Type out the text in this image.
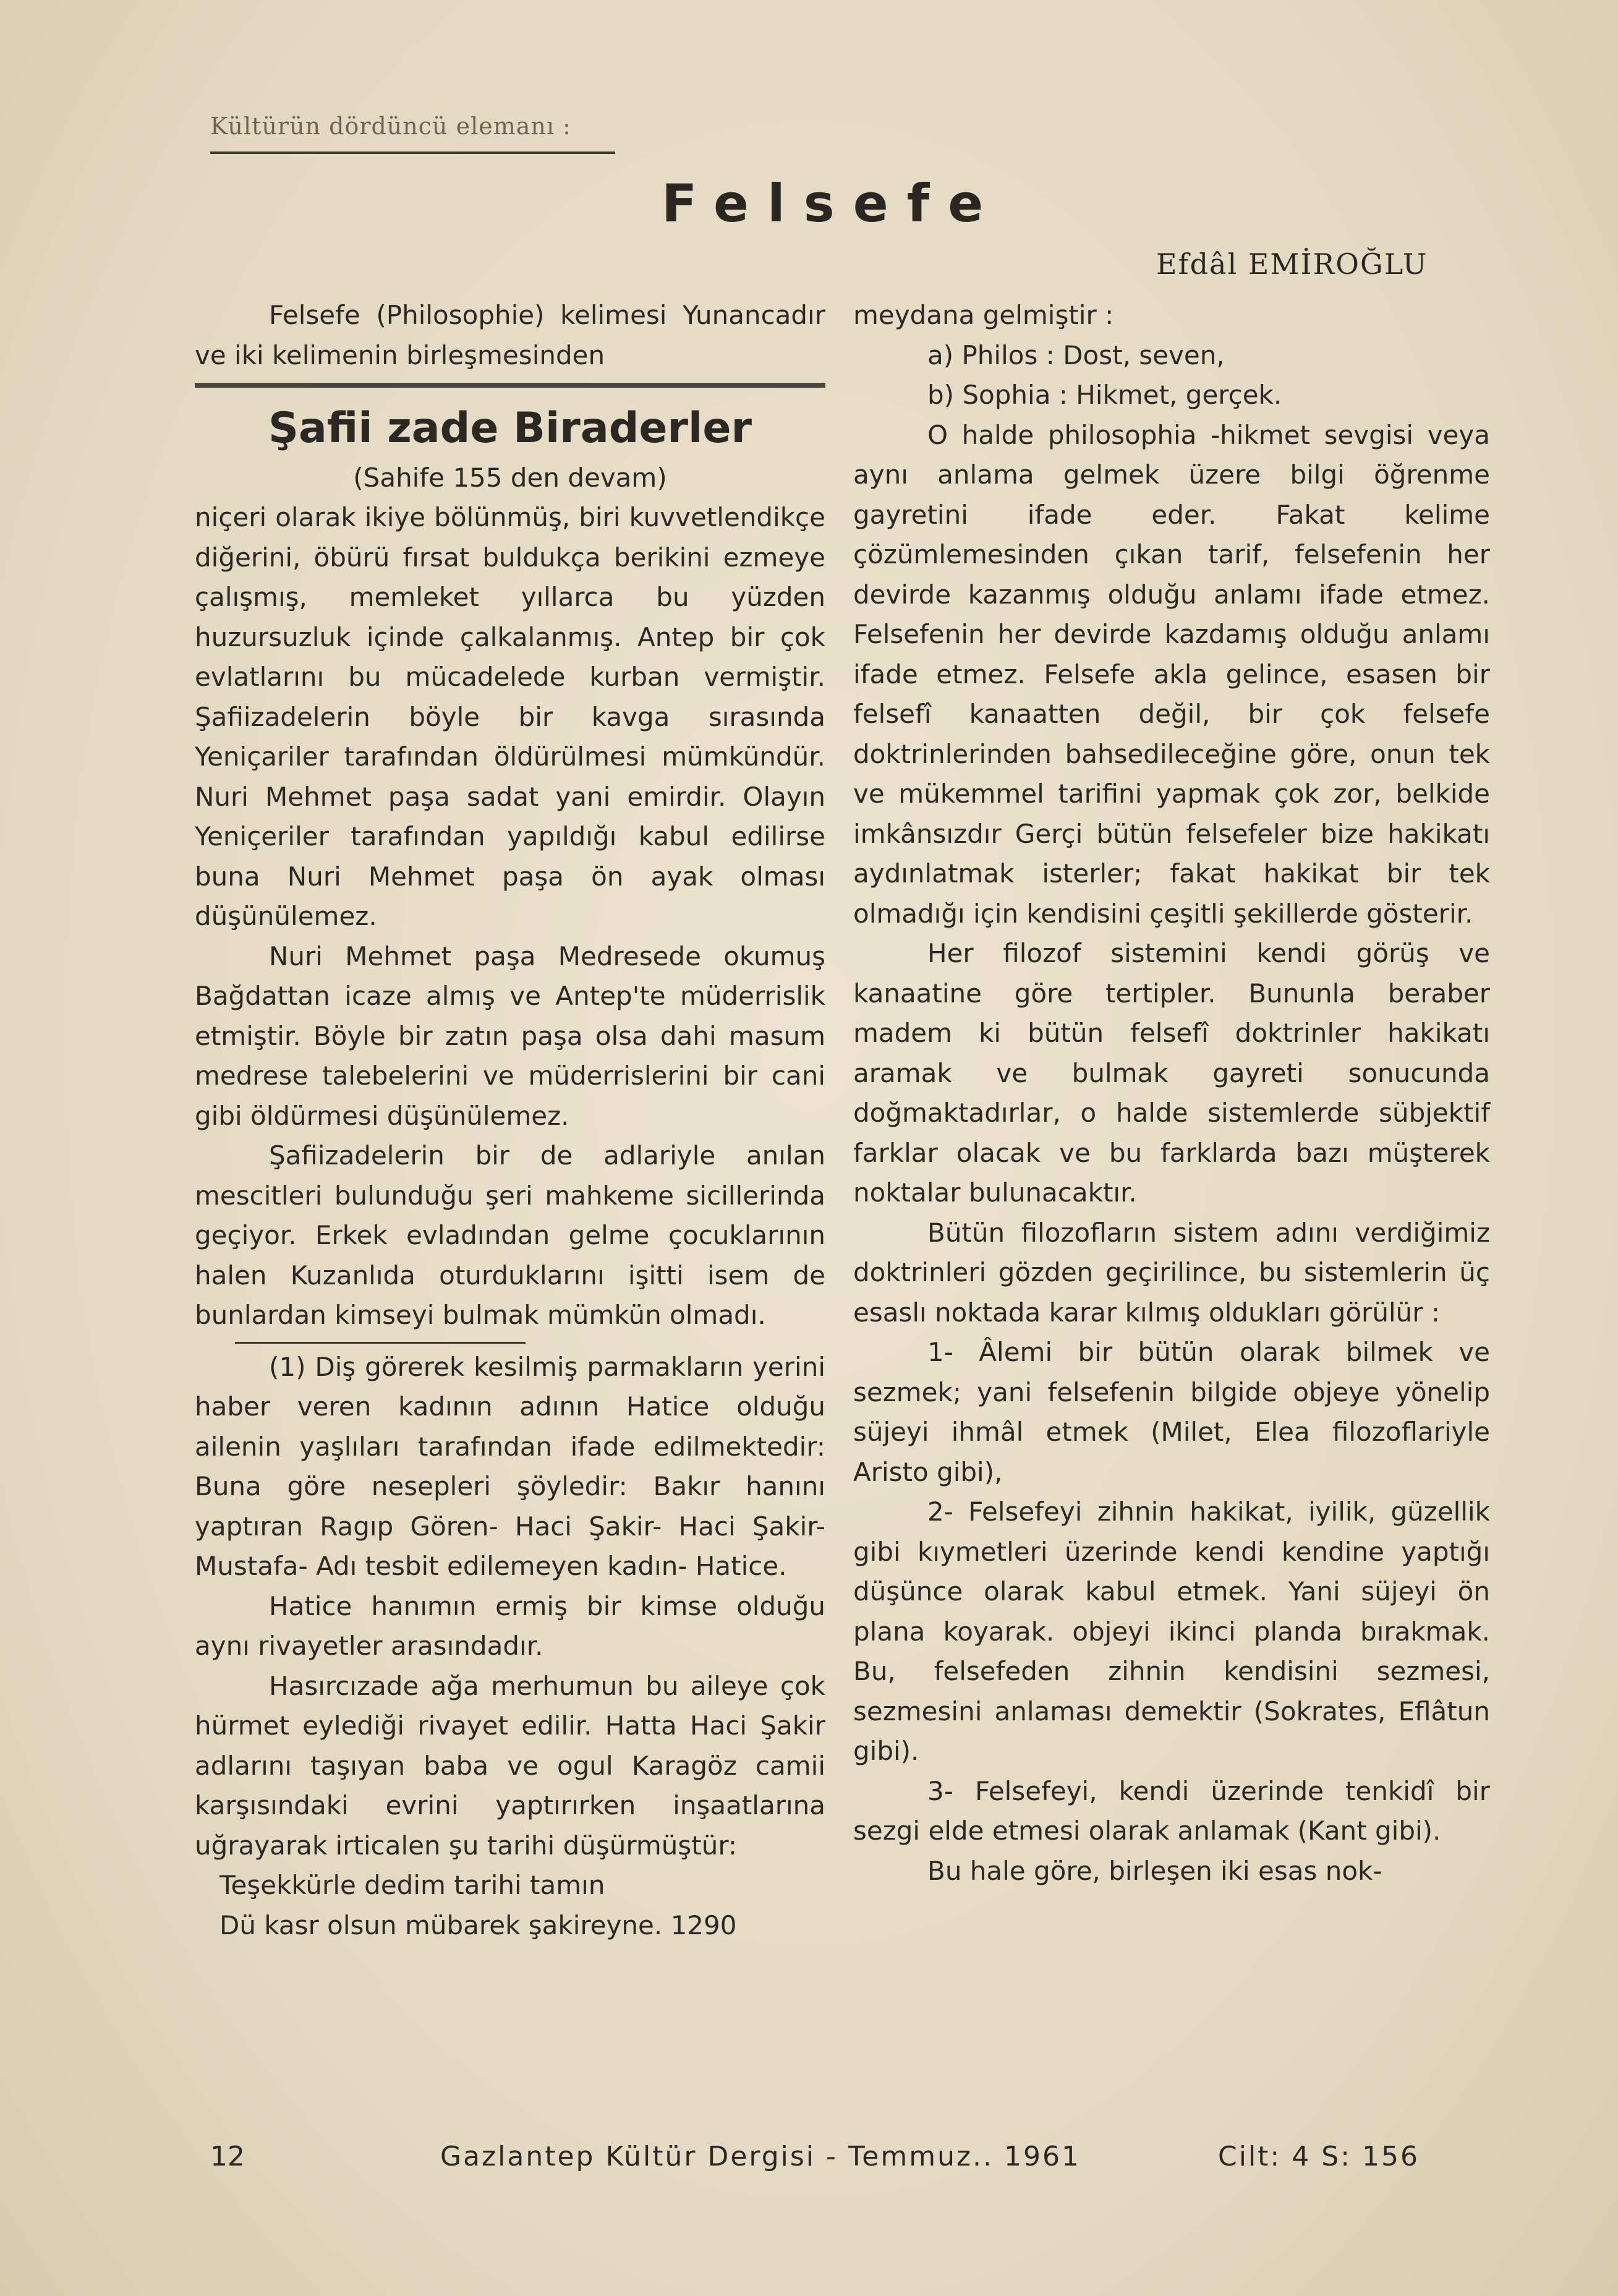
Kültürün dördüncü elemanı :
Felsefe
Efdâl EMİROĞLU

Felsefe (Philosophie) kelimesi Yunancadır ve iki kelimenin birleşmesinden

Şafii zade Biraderler

(Sahife 155 den devam)

niçeri olarak ikiye bölünmüş, biri kuvvetlendikçe diğerini, öbürü fırsat buldukça berikini ezmeye çalışmış, memleket yıllarca bu yüzden huzursuzluk içinde çalkalanmış. Antep bir çok evlatlarını bu mücadelede kurban vermiştir. Şafiizadelerin böyle bir kavga sırasında Yeniçariler tarafından öldürülmesi mümkündür. Nuri Mehmet paşa sadat yani emirdir. Olayın Yeniçeriler tarafından yapıldığı kabul edilirse buna Nuri Mehmet paşa ön ayak olması düşünülemez.

Nuri Mehmet paşa Medresede okumuş Bağdattan icaze almış ve Antep'te müderrislik etmiştir. Böyle bir zatın paşa olsa dahi masum medrese talebelerini ve müderrislerini bir cani gibi öldürmesi düşünülemez.

Şafiizadelerin bir de adlariyle anılan mescitleri bulunduğu şeri mahkeme sicillerinda geçiyor. Erkek evladından gelme çocuklarının halen Kuzanlıda oturduklarını işitti isem de bunlardan kimseyi bulmak mümkün olmadı.

(1) Diş görerek kesilmiş parmakların yerini haber veren kadının adının Hatice olduğu ailenin yaşlıları tarafından ifade edilmektedir: Buna göre nesepleri şöyledir: Bakır hanını yaptıran Ragıp Gören- Haci Şakir- Haci Şakir- Mustafa- Adı tesbit edilemeyen kadın- Hatice.

Hatice hanımın ermiş bir kimse olduğu aynı rivayetler arasındadır.

Hasırcızade ağa merhumun bu aileye çok hürmet eylediği rivayet edilir. Hatta Haci Şakir adlarını taşıyan baba ve ogul Karagöz camii karşısındaki evrini yaptırırken inşaatlarına uğrayarak irticalen şu tarihi düşürmüştür:

Teşekkürle dedim tarihi tamın

Dü kasr olsun mübarek şakireyne. 1290

meydana gelmiştir :

a) Philos : Dost, seven,

b) Sophia : Hikmet, gerçek.

O halde philosophia -hikmet sevgisi veya aynı anlama gelmek üzere bilgi öğrenme gayretini ifade eder. Fakat kelime çözümlemesinden çıkan tarif, felsefenin her devirde kazanmış olduğu anlamı ifade etmez. Felsefenin her devirde kazdamış olduğu anlamı ifade etmez. Felsefe akla gelince, esasen bir felsefî kanaatten değil, bir çok felsefe doktrinlerinden bahsedileceğine göre, onun tek ve mükemmel tarifini yapmak çok zor, belkide imkânsızdır Gerçi bütün felsefeler bize hakikatı aydınlatmak isterler; fakat hakikat bir tek olmadığı için kendisini çeşitli şekillerde gösterir.

Her filozof sistemini kendi görüş ve kanaatine göre tertipler. Bununla beraber madem ki bütün felsefî doktrinler hakikatı aramak ve bulmak gayreti sonucunda doğmaktadırlar, o halde sistemlerde sübjektif farklar olacak ve bu farklarda bazı müşterek noktalar bulunacaktır.

Bütün filozofların sistem adını verdiğimiz doktrinleri gözden geçirilince, bu sistemlerin üç esaslı noktada karar kılmış oldukları görülür :

1- Âlemi bir bütün olarak bilmek ve sezmek; yani felsefenin bilgide objeye yönelip süjeyi ihmâl etmek (Milet, Elea filozoflariyle Aristo gibi),

2- Felsefeyi zihnin hakikat, iyilik, güzellik gibi kıymetleri üzerinde kendi kendine yaptığı düşünce olarak kabul etmek. Yani süjeyi ön plana koyarak. objeyi ikinci planda bırakmak. Bu, felsefeden zihnin kendisini sezmesi, sezmesini anlaması demektir (Sokrates, Eflâtun gibi).

3- Felsefeyi, kendi üzerinde tenkidî bir sezgi elde etmesi olarak anlamak (Kant gibi).

Bu hale göre, birleşen iki esas nok-

12	Gazlantep Kültür Dergisi - Temmuz.. 1961	Cilt: 4 S: 156
